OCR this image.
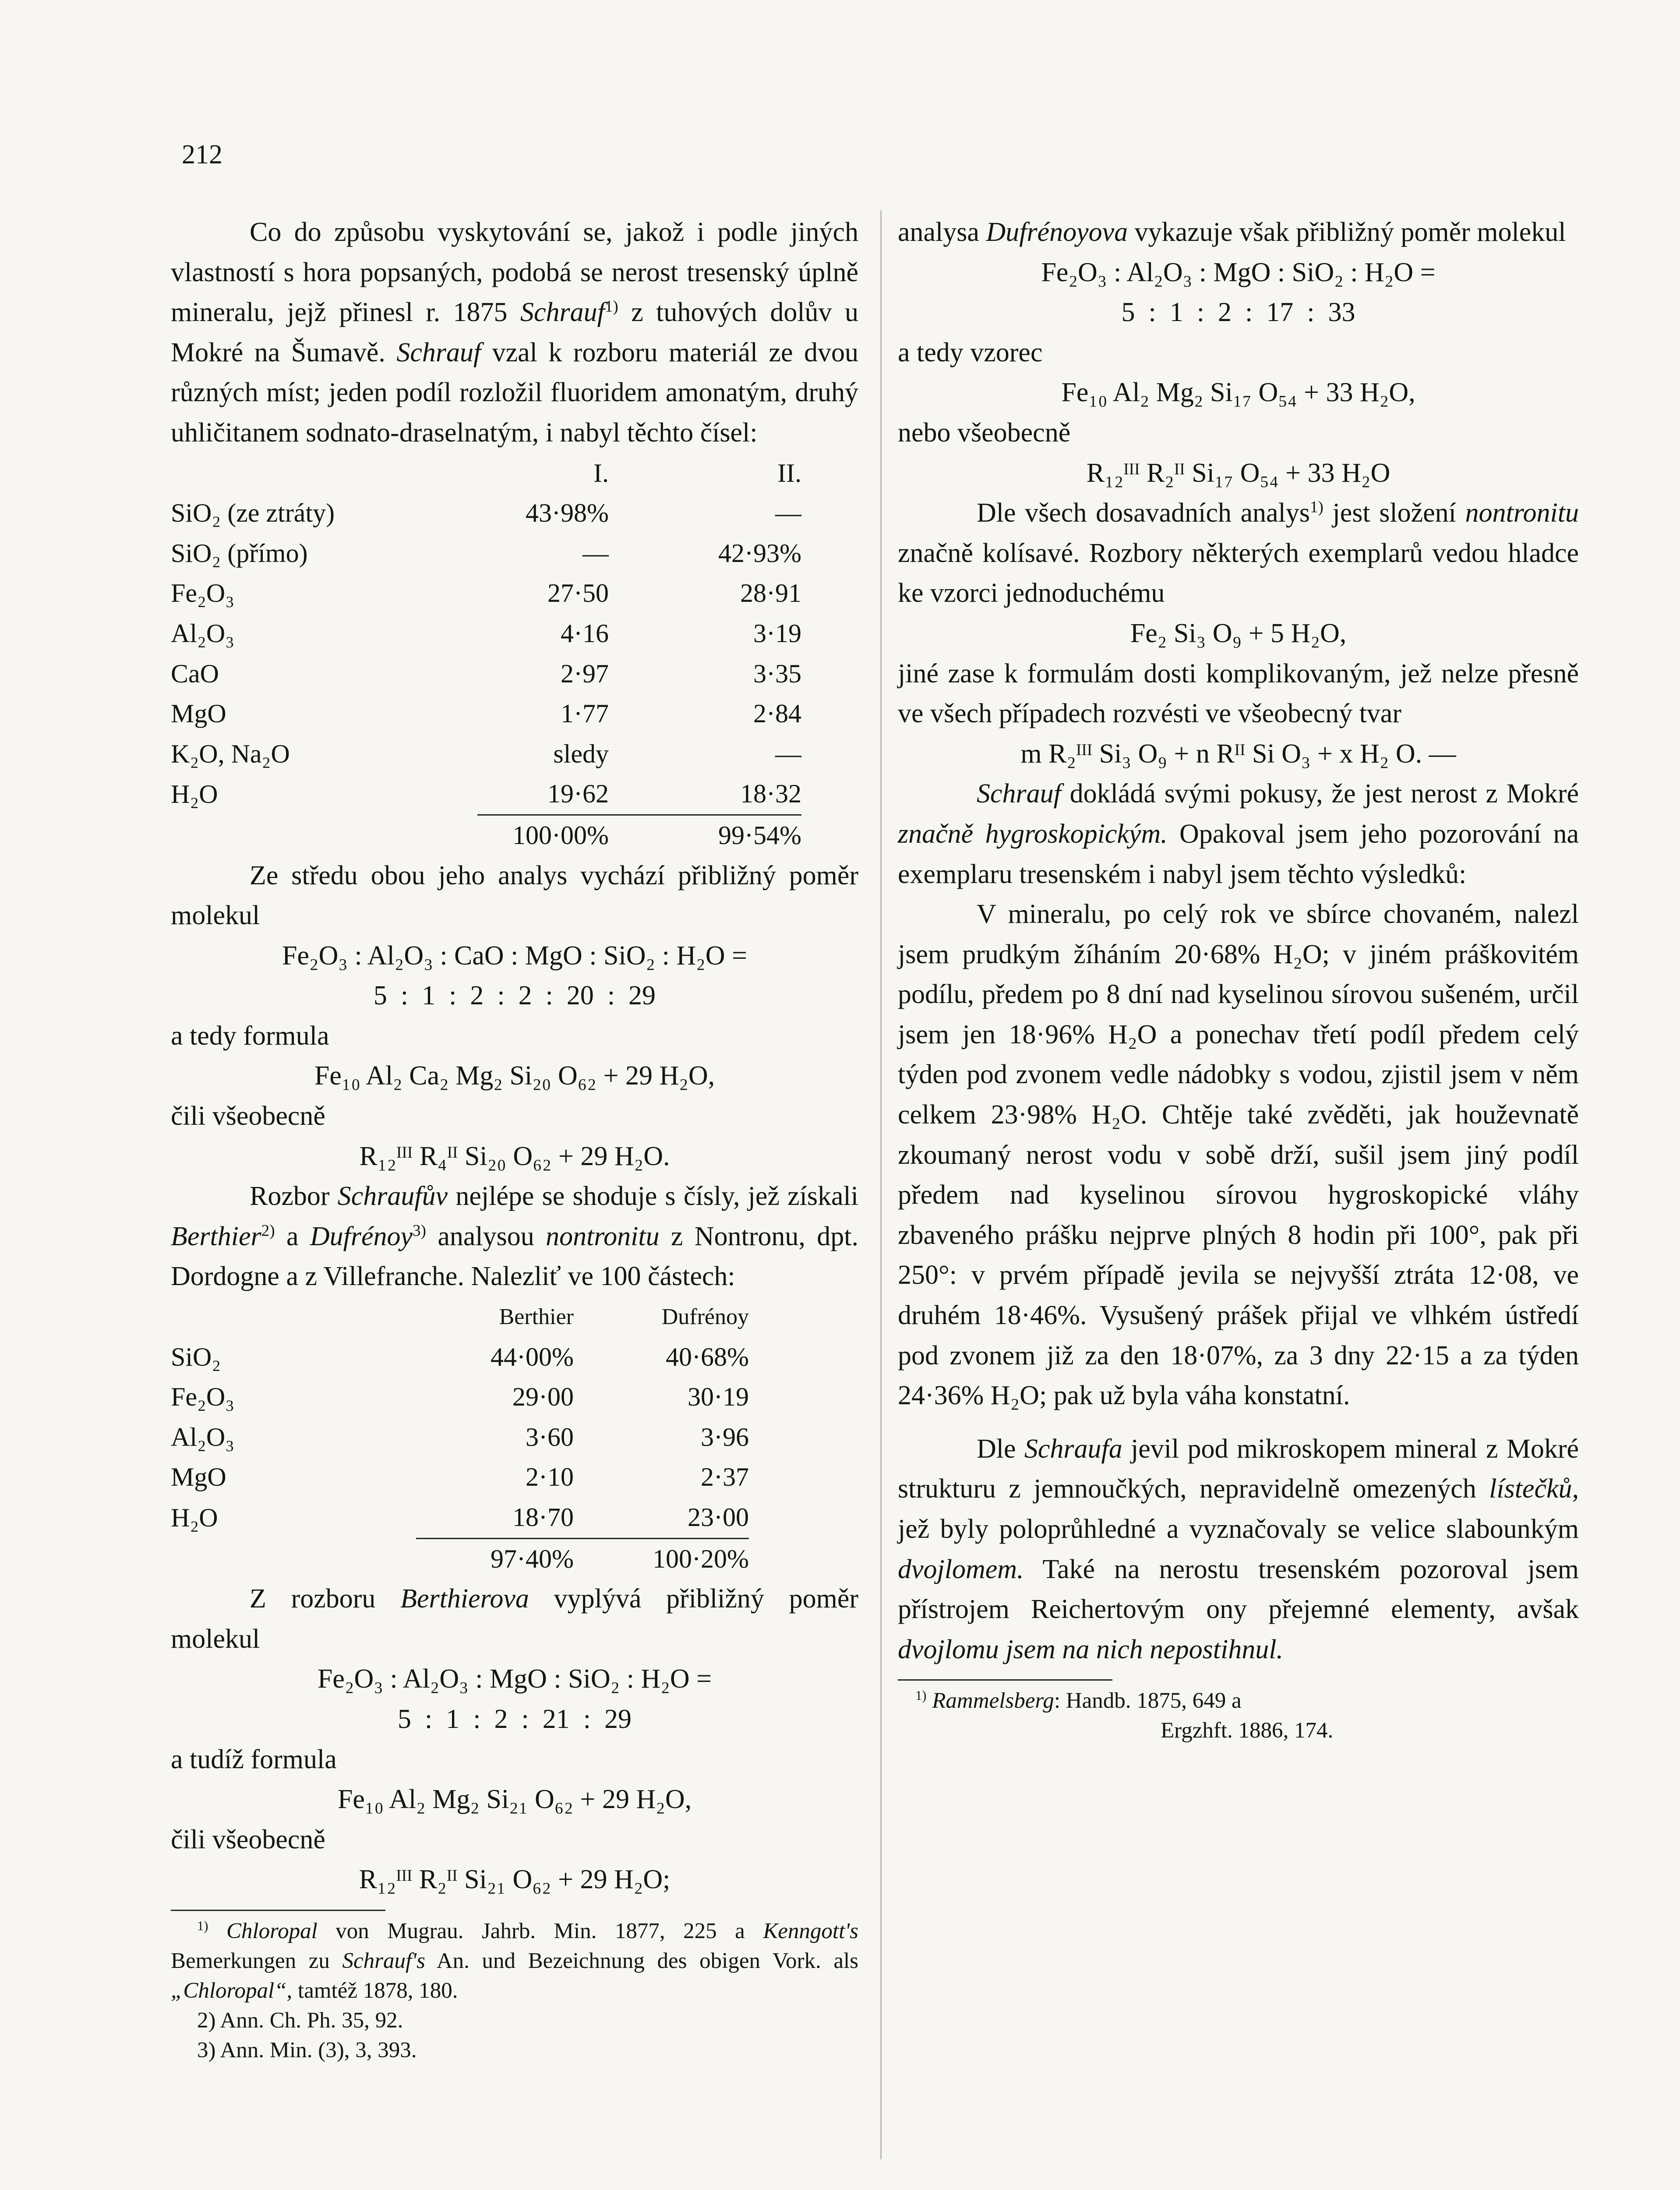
212

Co do způsobu vyskytování se, jakož i podle jiných vlastností s hora popsaných, podobá se nerost tresenský úplně mineralu, jejž přinesl r. 1875 Schrauf$^{1)}$ z tuhových dolův u Mokré na Šumavě. Schrauf vzal k rozboru materiál ze dvou různých míst; jeden podíl rozložil fluoridem amonatým, druhý uhličitanem sodnato-draselnatým, i nabyl těchto čísel:

	I.	II.
SiO₂ (ze ztráty)	43·98%	—
SiO₂ (přímo)	—	42·93%
Fe₂O₃	27·50	28·91
Al₂O₃	4·16	3·19
CaO	2·97	3·35
MgO	1·77	2·84
K₂O, Na₂O	sledy	—
H₂O	19·62	18·32
	100·00%	99·54%

Ze středu obou jeho analys vychází přibližný poměr molekul

Fe₂O₃ : Al₂O₃ : CaO : MgO : SiO₂ : H₂O =

5  :  1  :  2  :  2  :  20  :  29

a tedy formula

Fe₁₀ Al₂ Ca₂ Mg₂ Si₂₀ O₆₂ + 29 H₂O,

čili všeobecně

R₁₂ᴵᴵᴵ R₄ᴵᴵ Si₂₀ O₆₂ + 29 H₂O.

Rozbor Schraufův nejlépe se shoduje s čísly, jež získali Berthier$^{2)}$ a Dufrénoy$^{3)}$ analysou nontronitu z Nontronu, dpt. Dordogne a z Villefranche. Nalezliť ve 100 částech:

	Berthier	Dufrénoy
SiO₂	44·00%	40·68%
Fe₂O₃	29·00	30·19
Al₂O₃	3·60	3·96
MgO	2·10	2·37
H₂O	18·70	23·00
	97·40%	100·20%

Z rozboru Berthierova vyplývá přibližný poměr molekul

Fe₂O₃ : Al₂O₃ : MgO : SiO₂ : H₂O =

5  :  1  :  2  :  21  :  29

a tudíž formula

Fe₁₀ Al₂ Mg₂ Si₂₁ O₆₂ + 29 H₂O,

čili všeobecně

R₁₂ᴵᴵᴵ R₂ᴵᴵ Si₂₁ O₆₂ + 29 H₂O;

$^{1)}$ Chloropal von Mugrau. Jahrb. Min. 1877, 225 a Kenngott's Bemerkungen zu Schrauf's An. und Bezeichnung des obigen Vork. als „Chloropal“, tamtéž 1878, 180.

2) Ann. Ch. Ph. 35, 92.

3) Ann. Min. (3), 3, 393.

analysa Dufrénoyova vykazuje však přibližný poměr molekul

Fe₂O₃ : Al₂O₃ : MgO : SiO₂ : H₂O =

5  :  1  :  2  :  17  :  33

a tedy vzorec

Fe₁₀ Al₂ Mg₂ Si₁₇ O₅₄ + 33 H₂O,

nebo všeobecně

R₁₂ᴵᴵᴵ R₂ᴵᴵ Si₁₇ O₅₄ + 33 H₂O

Dle všech dosavadních analys$^{1)}$ jest složení nontronitu značně kolísavé. Rozbory některých exemplarů vedou hladce ke vzorci jednoduchému

Fe₂ Si₃ O₉ + 5 H₂O,

jiné zase k formulám dosti komplikovaným, jež nelze přesně ve všech případech rozvésti ve všeobecný tvar

m R₂ᴵᴵᴵ Si₃ O₉ + n Rᴵᴵ Si O₃ + x H₂ O. —

Schrauf dokládá svými pokusy, že jest nerost z Mokré značně hygroskopickým. Opakoval jsem jeho pozorování na exemplaru tresenském i nabyl jsem těchto výsledků:

V mineralu, po celý rok ve sbírce chovaném, nalezl jsem prudkým žíháním 20·68% H₂O; v jiném práškovitém podílu, předem po 8 dní nad kyselinou sírovou sušeném, určil jsem jen 18·96% H₂O a ponechav třetí podíl předem celý týden pod zvonem vedle nádobky s vodou, zjistil jsem v něm celkem 23·98% H₂O. Chtěje také zvěděti, jak houževnatě zkoumaný nerost vodu v sobě drží, sušil jsem jiný podíl předem nad kyselinou sírovou hygroskopické vláhy zbaveného prášku nejprve plných 8 hodin při 100°, pak při 250°: v prvém případě jevila se nejvyšší ztráta 12·08, ve druhém 18·46%. Vysušený prášek přijal ve vlhkém ústředí pod zvonem již za den 18·07%, za 3 dny 22·15 a za týden 24·36% H₂O; pak už byla váha konstatní.

Dle Schraufa jevil pod mikroskopem mineral z Mokré strukturu z jemnoučkých, nepravidelně omezených lístečků, jež byly poloprůhledné a vyznačovaly se velice slabounkým dvojlomem. Také na nerostu tresenském pozoroval jsem přístrojem Reichertovým ony přejemné elementy, avšak dvojlomu jsem na nich nepostihnul.

$^{1)}$ Rammelsberg: Handb. 1875, 649 a

Ergzhft. 1886, 174.
